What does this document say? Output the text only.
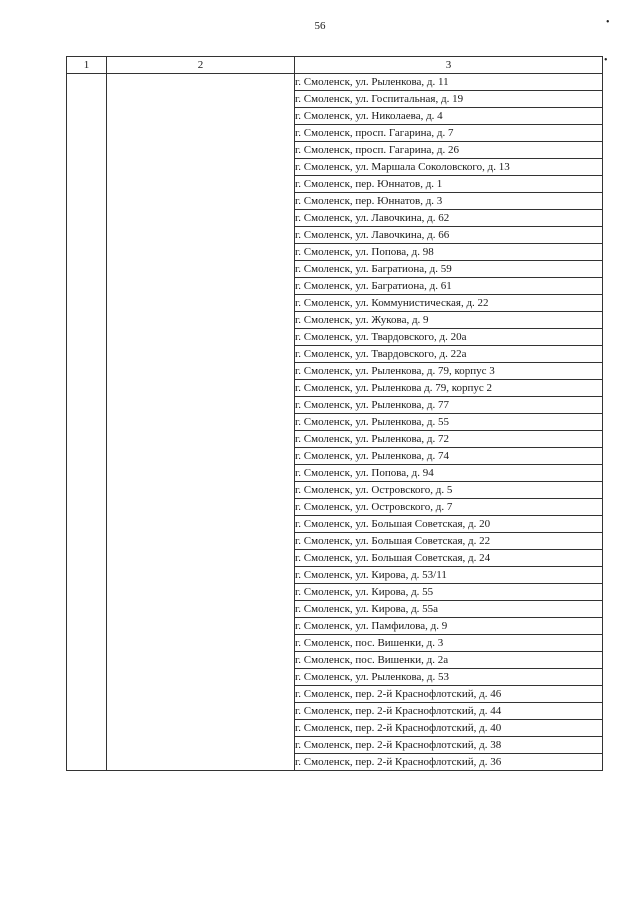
56	•
•
1	2	3
		г. Смоленск, ул. Рыленкова, д. 11
		г. Смоленск, ул. Госпитальная, д. 19
		г. Смоленск, ул. Николаева, д. 4
		г. Смоленск, просп. Гагарина, д. 7
		г. Смоленск, просп. Гагарина, д. 26
		г. Смоленск, ул. Маршала Соколовского, д. 13
		г. Смоленск, пер. Юннатов, д. 1
		г. Смоленск, пер. Юннатов, д. 3
		г. Смоленск, ул. Лавочкина, д. 62
		г. Смоленск, ул. Лавочкина, д. 66
		г. Смоленск, ул. Попова, д. 98
		г. Смоленск, ул. Багратиона, д. 59
		г. Смоленск, ул. Багратиона, д. 61
		г. Смоленск, ул. Коммунистическая, д. 22
		г. Смоленск, ул. Жукова, д. 9
		г. Смоленск, ул. Твардовского, д. 20а
		г. Смоленск, ул. Твардовского, д. 22а
		г. Смоленск, ул. Рыленкова, д. 79, корпус 3
		г. Смоленск, ул. Рыленкова д. 79, корпус 2
		г. Смоленск, ул. Рыленкова, д. 77
		г. Смоленск, ул. Рыленкова, д. 55
		г. Смоленск, ул. Рыленкова, д. 72
		г. Смоленск, ул. Рыленкова, д. 74
		г. Смоленск, ул. Попова, д. 94
		г. Смоленск, ул. Островского, д. 5
		г. Смоленск, ул. Островского, д. 7
		г. Смоленск, ул. Большая Советская, д. 20
		г. Смоленск, ул. Большая Советская, д. 22
		г. Смоленск, ул. Большая Советская, д. 24
		г. Смоленск, ул. Кирова, д. 53/11
		г. Смоленск, ул. Кирова, д. 55
		г. Смоленск, ул. Кирова, д. 55а
		г. Смоленск, ул. Памфилова, д. 9
		г. Смоленск, пос. Вишенки, д. 3
		г. Смоленск, пос. Вишенки, д. 2а
		г. Смоленск, ул. Рыленкова, д. 53
		г. Смоленск, пер. 2-й Краснофлотский, д. 46
		г. Смоленск, пер. 2-й Краснофлотский, д. 44
		г. Смоленск, пер. 2-й Краснофлотский, д. 40
		г. Смоленск, пер. 2-й Краснофлотский, д. 38
		г. Смоленск, пер. 2-й Краснофлотский, д. 36
